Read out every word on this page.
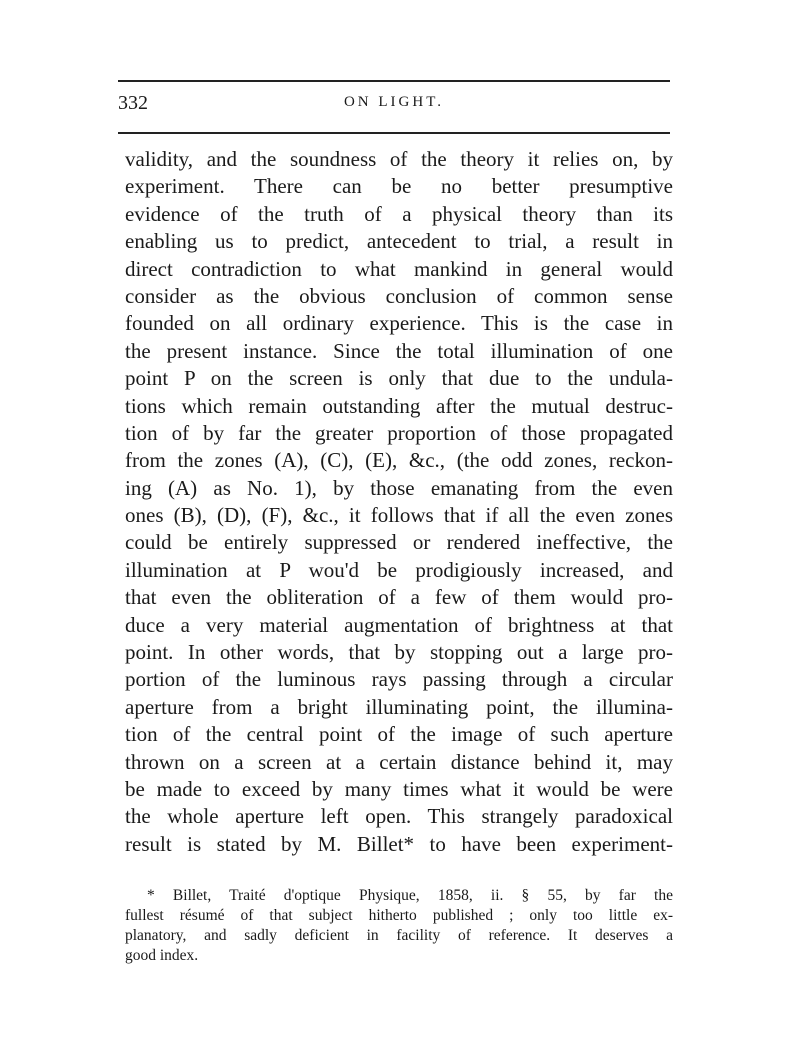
332	ON LIGHT.
validity, and the soundness of the theory it relies on, by
experiment. There can be no better presumptive
evidence of the truth of a physical theory than its
enabling us to predict, antecedent to trial, a result in
direct contradiction to what mankind in general would
consider as the obvious conclusion of common sense
founded on all ordinary experience. This is the case in
the present instance. Since the total illumination of one
point P on the screen is only that due to the undula-
tions which remain outstanding after the mutual destruc-
tion of by far the greater proportion of those propagated
from the zones (A), (C), (E), &c., (the odd zones, reckon-
ing (A) as No. 1), by those emanating from the even
ones (B), (D), (F), &c., it follows that if all the even zones
could be entirely suppressed or rendered ineffective, the
illumination at P wou'd be prodigiously increased, and
that even the obliteration of a few of them would pro-
duce a very material augmentation of brightness at that
point. In other words, that by stopping out a large pro-
portion of the luminous rays passing through a circular
aperture from a bright illuminating point, the illumina-
tion of the central point of the image of such aperture
thrown on a screen at a certain distance behind it, may
be made to exceed by many times what it would be were
the whole aperture left open. This strangely paradoxical
result is stated by M. Billet* to have been experiment-
* Billet, Traité d'optique Physique, 1858, ii. § 55, by far the
fullest résumé of that subject hitherto published ; only too little ex-
planatory, and sadly deficient in facility of reference. It deserves a
good index.
